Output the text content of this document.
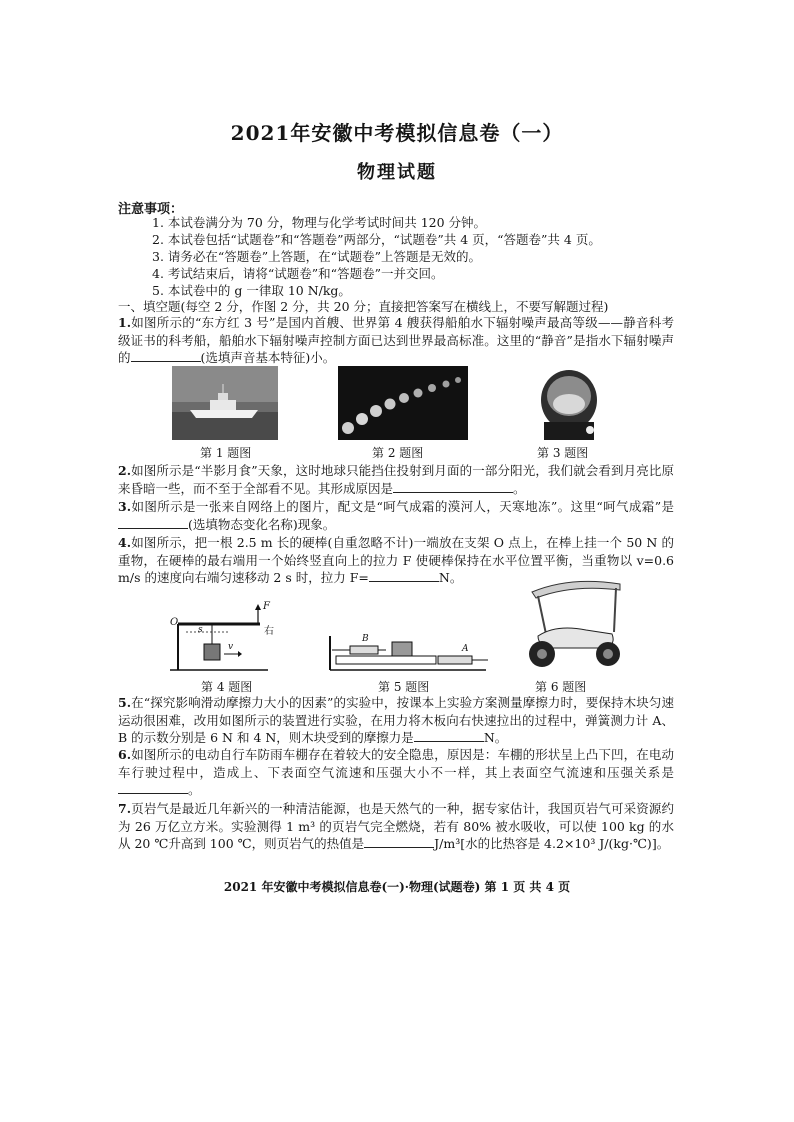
2021年安徽中考模拟信息卷（一）
物理试题
注意事项：
1. 本试卷满分为 70 分，物理与化学考试时间共 120 分钟。
2. 本试卷包括“试题卷”和“答题卷”两部分，“试题卷”共 4 页，“答题卷”共 4 页。
3. 请务必在“答题卷”上答题，在“试题卷”上答题是无效的。
4. 考试结束后，请将“试题卷”和“答题卷”一并交回。
5. 本试卷中的 g 一律取 10 N/kg。
一、填空题(每空 2 分，作图 2 分，共 20 分；直接把答案写在横线上，不要写解题过程)
1.如图所示的“东方红 3 号”是国内首艘、世界第 4 艘获得船舶水下辐射噪声最高等级——静音科考级证书的科考船，船舶水下辐射噪声控制方面已达到世界最高标准。这里的“静音”是指水下辐射噪声的	(选填声音基本特征)小。
第 1 题图	第 2 题图	第 3 题图
2.如图所示是“半影月食”天象，这时地球只能挡住投射到月面的一部分阳光，我们就会看到月亮比原来昏暗一些，而不至于全部看不见。其形成原因是	。
3.如图所示是一张来自网络上的图片，配文是“呵气成霜的漠河人，天寒地冻”。这里“呵气成霜”是(选填物态变化名称)现象。
4.如图所示，把一根 2.5 m 长的硬棒(自重忽略不计)一端放在支架 O 点上，在棒上挂一个 50 N 的重物，在硬棒的最右端用一个始终竖直向上的拉力 F 使硬棒保持在水平位置平衡，当重物以 v=0.6 m/s 的速度向右端匀速移动 2 s 时，拉力 F=	N。
O
F
右
s
v
B
A
第 4 题图	第 5 题图	第 6 题图
5.在“探究影响滑动摩擦力大小的因素”的实验中，按课本上实验方案测量摩擦力时，要保持木块匀速运动很困难，改用如图所示的装置进行实验，在用力将木板向右快速拉出的过程中，弹簧测力计 A、B 的示数分别是 6 N 和 4 N，则木块受到的摩擦力是	N。
6.如图所示的电动自行车防雨车棚存在着较大的安全隐患，原因是：车棚的形状呈上凸下凹，在电动车行驶过程中，造成上、下表面空气流速和压强大小不一样，其上表面空气流速和压强关系是。
7.页岩气是最近几年新兴的一种清洁能源，也是天然气的一种，据专家估计，我国页岩气可采资源约为 26 万亿立方米。实验测得 1 m³ 的页岩气完全燃烧，若有 80% 被水吸收，可以使 100 kg 的水从 20 ℃升高到 100 ℃，则页岩气的热值是	J/m³[水的比热容是 4.2×10³ J/(kg·℃)]。
2021 年安徽中考模拟信息卷(一)·物理(试题卷) 第 1 页 共 4 页
